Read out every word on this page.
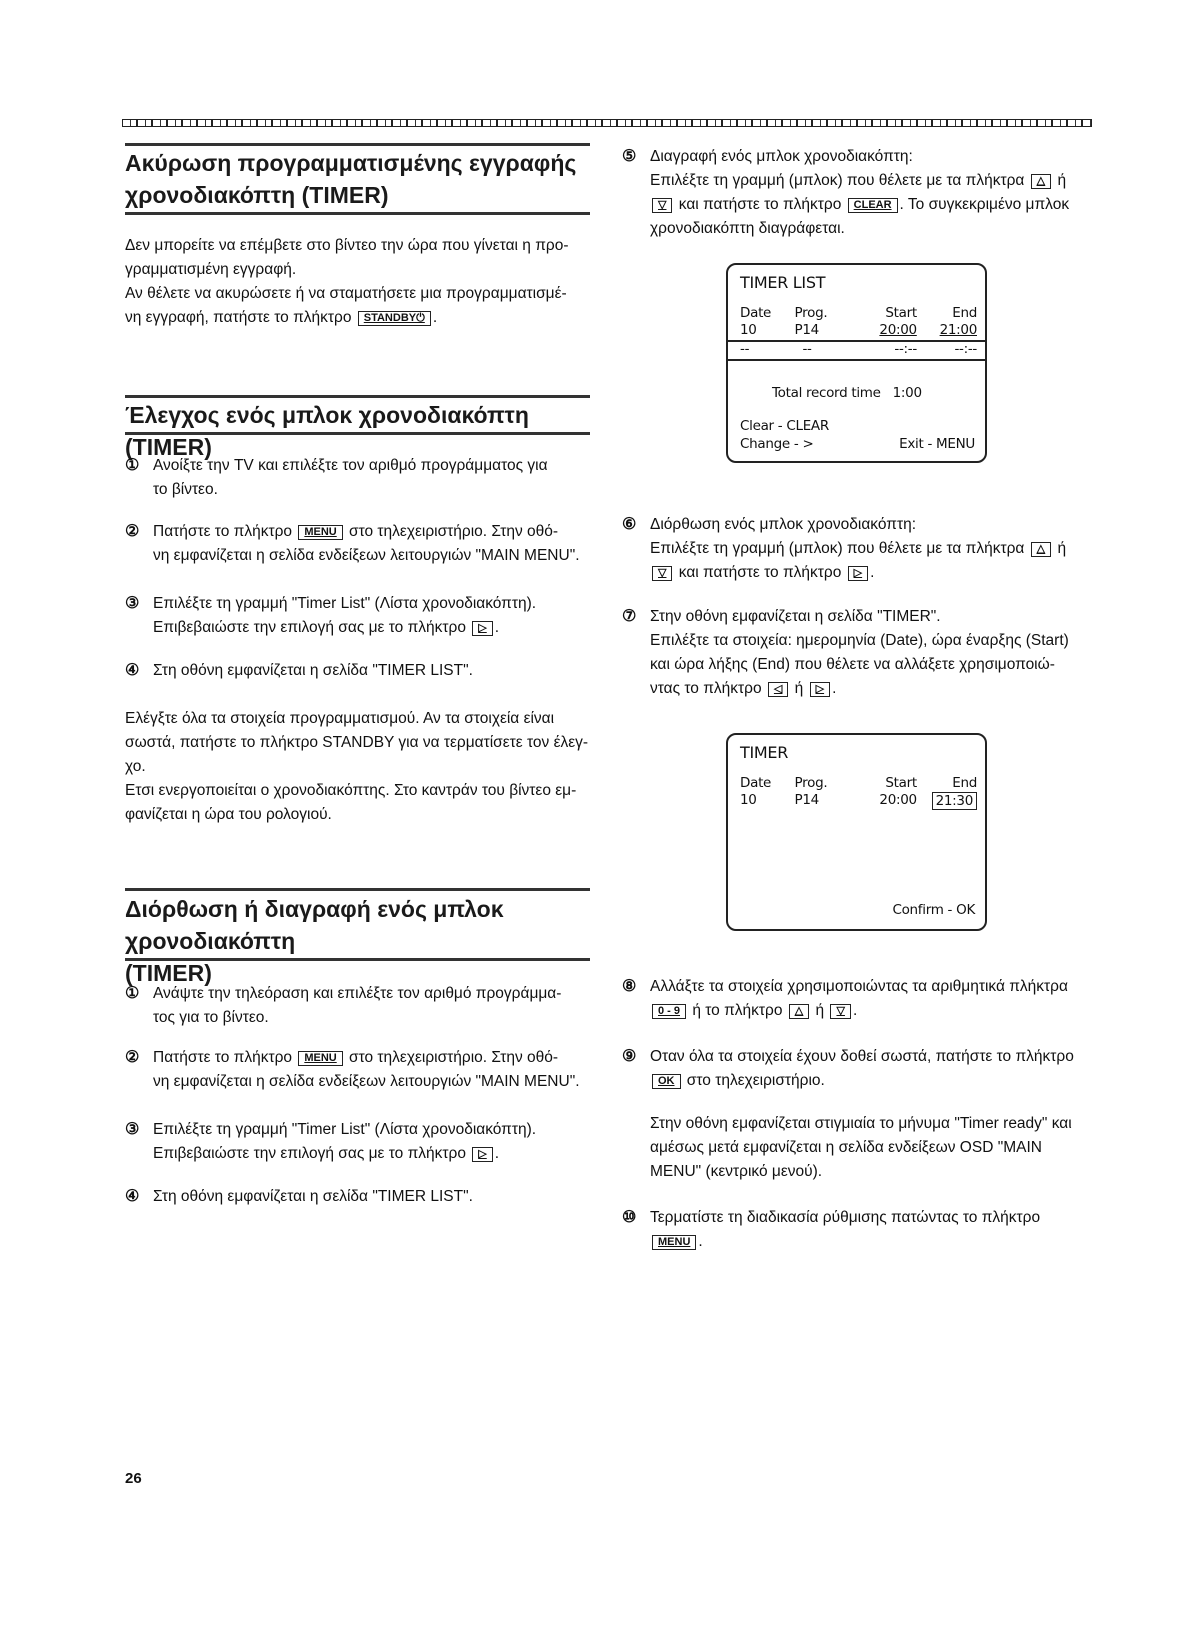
Ακύρωση προγραμματισμένης εγγραφής
χρονοδιακόπτη (TIMER)
Δεν μπορείτε να επέμβετε στο βίντεο την ώρα που γίνεται η προ-
γραμματισμένη εγγραφή.
Αν θέλετε να ακυρώσετε ή να σταματήσετε μια προγραμματισμέ-
νη εγγραφή, πατήστε το πλήκτρο STANDBY⏻ .
Έλεγχος ενός μπλοκ χρονοδιακόπτη (TIMER)
① Ανοίξτε την TV και επιλέξτε τον αριθμό προγράμματος για
το βίντεο.
② Πατήστε το πλήκτρο MENU στο τηλεχειριστήριο. Στην οθό-
νη εμφανίζεται η σελίδα ενδείξεων λειτουργιών "MAIN MENU".
③ Επιλέξτε τη γραμμή "Timer List" (Λίστα χρονοδιακόπτη).
Επιβεβαιώστε την επιλογή σας με το πλήκτρο ▷ .
④ Στη οθόνη εμφανίζεται η σελίδα "TIMER LIST".
Ελέγξτε όλα τα στοιχεία προγραμματισμού. Αν τα στοιχεία είναι
σωστά, πατήστε το πλήκτρο STANDBY για να τερματίσετε τον έλεγ-
χο.
Ετσι ενεργοποιείται ο χρονοδιακόπτης. Στο καντράν του βίντεο εμ-
φανίζεται η ώρα του ρολογιού.
Διόρθωση ή διαγραφή ενός μπλοκ χρονοδιακόπτη
(TIMER)
① Ανάψτε την τηλεόραση και επιλέξτε τον αριθμό προγράμμα-
τος για το βίντεο.
② Πατήστε το πλήκτρο MENU στο τηλεχειριστήριο. Στην οθό-
νη εμφανίζεται η σελίδα ενδείξεων λειτουργιών "MAIN MENU".
③ Επιλέξτε τη γραμμή "Timer List" (Λίστα χρονοδιακόπτη).
Επιβεβαιώστε την επιλογή σας με το πλήκτρο ▷ .
④ Στη οθόνη εμφανίζεται η σελίδα "TIMER LIST".
⑤ Διαγραφή ενός μπλοκ χρονοδιακόπτη:
Επιλέξτε τη γραμμή (μπλοκ) που θέλετε με τα πλήκτρα △ ή
▽ και πατήστε το πλήκτρο CLEAR . Το συγκεκριμένο μπλοκ
χρονοδιακόπτη διαγράφεται.
TIMER LIST
Date	Prog.	Start	End
10	P14	20:00	21:00
--	--	--:--	--:--
Total record time 1:00
Clear - CLEAR
Change - >	Exit - MENU
⑥ Διόρθωση ενός μπλοκ χρονοδιακόπτη:
Επιλέξτε τη γραμμή (μπλοκ) που θέλετε με τα πλήκτρα △ ή
▽ και πατήστε το πλήκτρο ▷ .
⑦ Στην οθόνη εμφανίζεται η σελίδα "TIMER".
Επιλέξτε τα στοιχεία: ημερομηνία (Date), ώρα έναρξης (Start)
και ώρα λήξης (End) που θέλετε να αλλάξετε χρησιμοποιώ-
ντας το πλήκτρο ◁ ή ▷ .
TIMER
Date	Prog.	Start	End
10	P14	20:00	21:30
Confirm - OK
⑧ Αλλάξτε τα στοιχεία χρησιμοποιώντας τα αριθμητικά πλήκτρα
0 - 9 ή το πλήκτρο △ ή ▽ .
⑨ Οταν όλα τα στοιχεία έχουν δοθεί σωστά, πατήστε το πλήκτρο
OK στο τηλεχειριστήριο.
Στην οθόνη εμφανίζεται στιγμιαία το μήνυμα "Timer ready" και
αμέσως μετά εμφανίζεται η σελίδα ενδείξεων OSD "MAIN
MENU" (κεντρικό μενού).
⑩ Τερματίστε τη διαδικασία ρύθμισης πατώντας το πλήκτρο
MENU .
26
